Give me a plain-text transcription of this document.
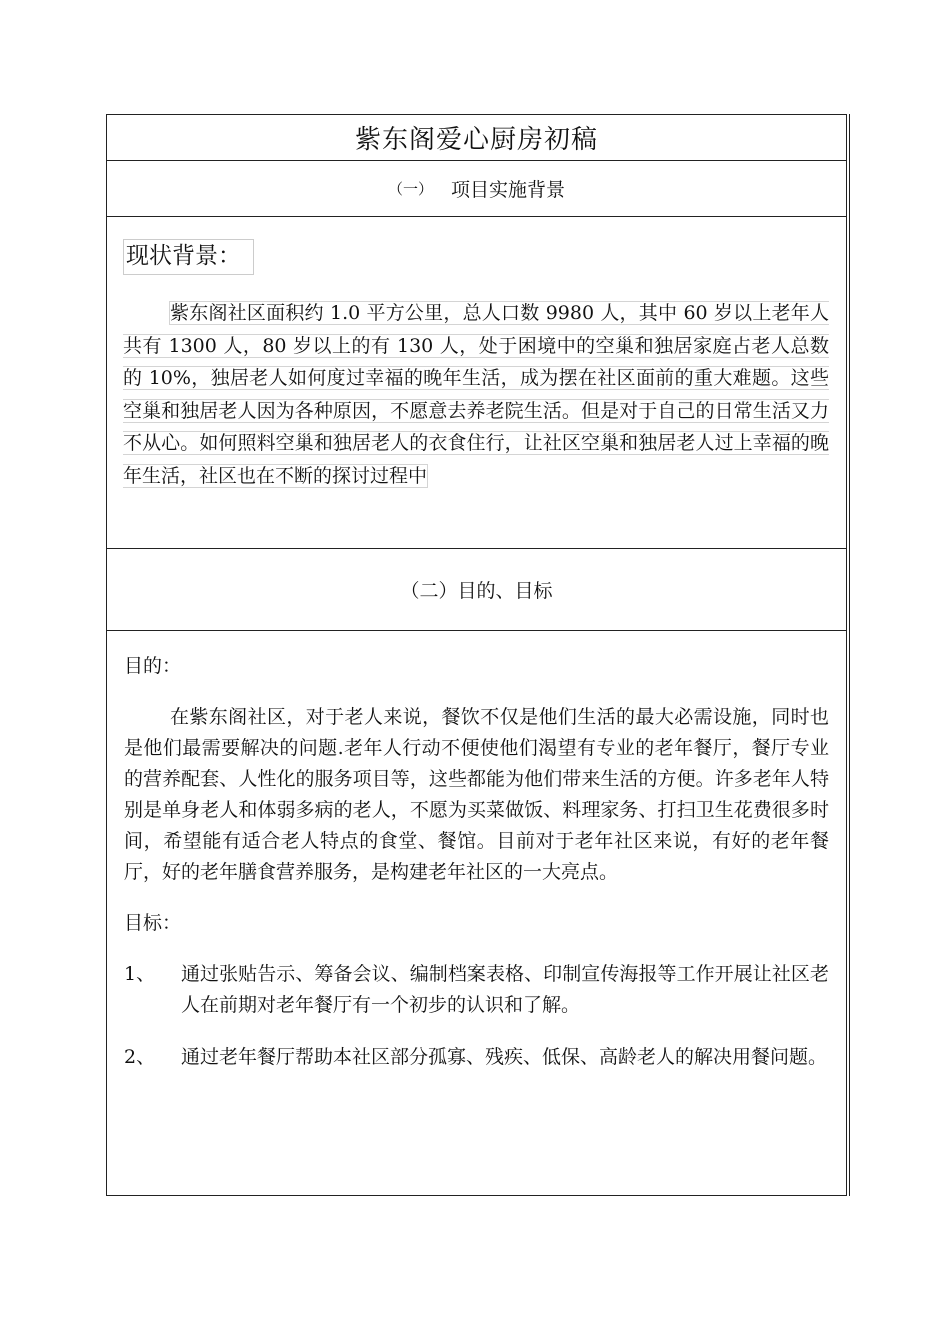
紫东阁爱心厨房初稿
（一） 项目实施背景
现状背景：
紫东阁社区面积约 1.0 平方公里，总人口数 9980 人，其中 60 岁以上老年人共有 1300 人，80 岁以上的有 130 人，处于困境中的空巢和独居家庭占老人总数的 10%，独居老人如何度过幸福的晚年生活，成为摆在社区面前的重大难题。这些空巢和独居老人因为各种原因，不愿意去养老院生活。但是对于自己的日常生活又力不从心。如何照料空巢和独居老人的衣食住行，让社区空巢和独居老人过上幸福的晚年生活，社区也在不断的探讨过程中
（二）目的、目标

目的：

在紫东阁社区，对于老人来说，餐饮不仅是他们生活的最大必需设施，同时也是他们最需要解决的问题.老年人行动不便使他们渴望有专业的老年餐厅，餐厅专业的营养配套、人性化的服务项目等，这些都能为他们带来生活的方便。许多老年人特别是单身老人和体弱多病的老人，不愿为买菜做饭、料理家务、打扫卫生花费很多时间，希望能有适合老人特点的食堂、餐馆。目前对于老年社区来说，有好的老年餐厅，好的老年膳食营养服务，是构建老年社区的一大亮点。

目标：

1、	通过张贴告示、筹备会议、编制档案表格、印制宣传海报等工作开展让社区老人在前期对老年餐厅有一个初步的认识和了解。
2、	通过老年餐厅帮助本社区部分孤寡、残疾、低保、高龄老人的解决用餐问题。
